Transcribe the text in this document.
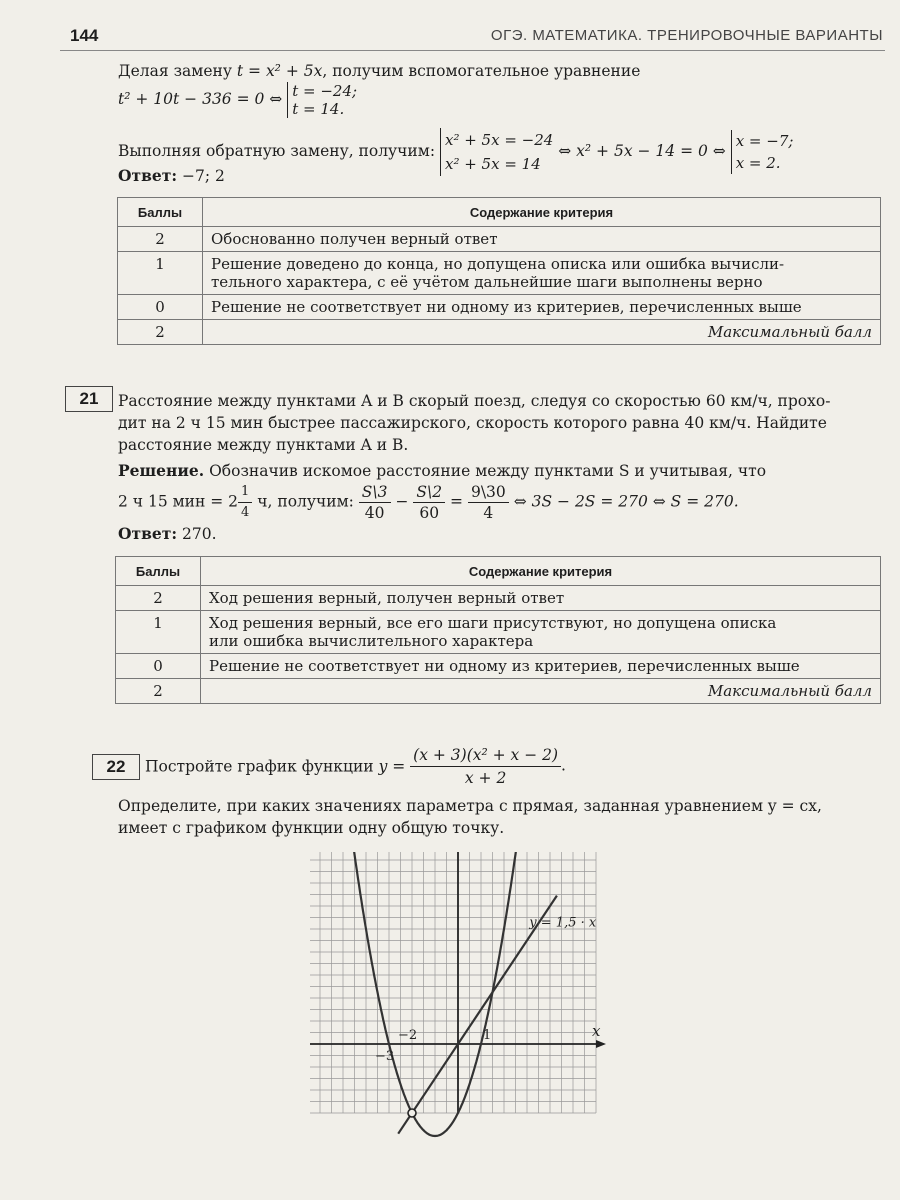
144	ОГЭ. МАТЕМАТИКА. ТРЕНИРОВОЧНЫЕ ВАРИАНТЫ
Делая замену t = x² + 5x, получим вспомогательное уравнение
t² + 10t − 336 = 0 ⇔ t = −24;
t = 14.
Выполняя обратную замену, получим: x² + 5x = −24
x² + 5x = 14 ⇔ x² + 5x − 14 = 0 ⇔ x = −7;
x = 2.
Ответ: −7; 2
Баллы	Содержание критерия
2	Обоснованно получен верный ответ
1	Решение доведено до конца, но допущена описка или ошибка вычисли-
тельного характера, с её учётом дальнейшие шаги выполнены верно
0	Решение не соответствует ни одному из критериев, перечисленных выше
2	Максимальный балл
21	Расстояние между пунктами A и B скорый поезд, следуя со скоростью 60 км/ч, прохо-
дит на 2 ч 15 мин быстрее пассажирского, скорость которого равна 40 км/ч. Найдите
расстояние между пунктами A и B.
Решение. Обозначив искомое расстояние между пунктами S и учитывая, что
2 ч 15 мин = $2 \frac{1}{4} ч$, получим: $\frac{S\backslash 3}{40} - \frac{S\backslash 2}{60} = \frac{9\backslash 30}{4}$ ⇔ 3S − 2S = 270 ⇔ S = 270.
Ответ: 270.
Баллы	Содержание критерия
2	Ход решения верный, получен верный ответ
1	Ход решения верный, все его шаги присутствуют, но допущена описка
или ошибка вычислительного характера
0	Решение не соответствует ни одному из критериев, перечисленных выше
2	Максимальный балл
22	Постройте график функции $y = \frac{\text{(x + 3)(x² + x − 2)}}{x + 2}$ .
Определите, при каких значениях параметра c прямая, заданная уравнением y = cx,
имеет с графиком функции одну общую точку.
x
−3
−2	1
y = 1,5 · x
